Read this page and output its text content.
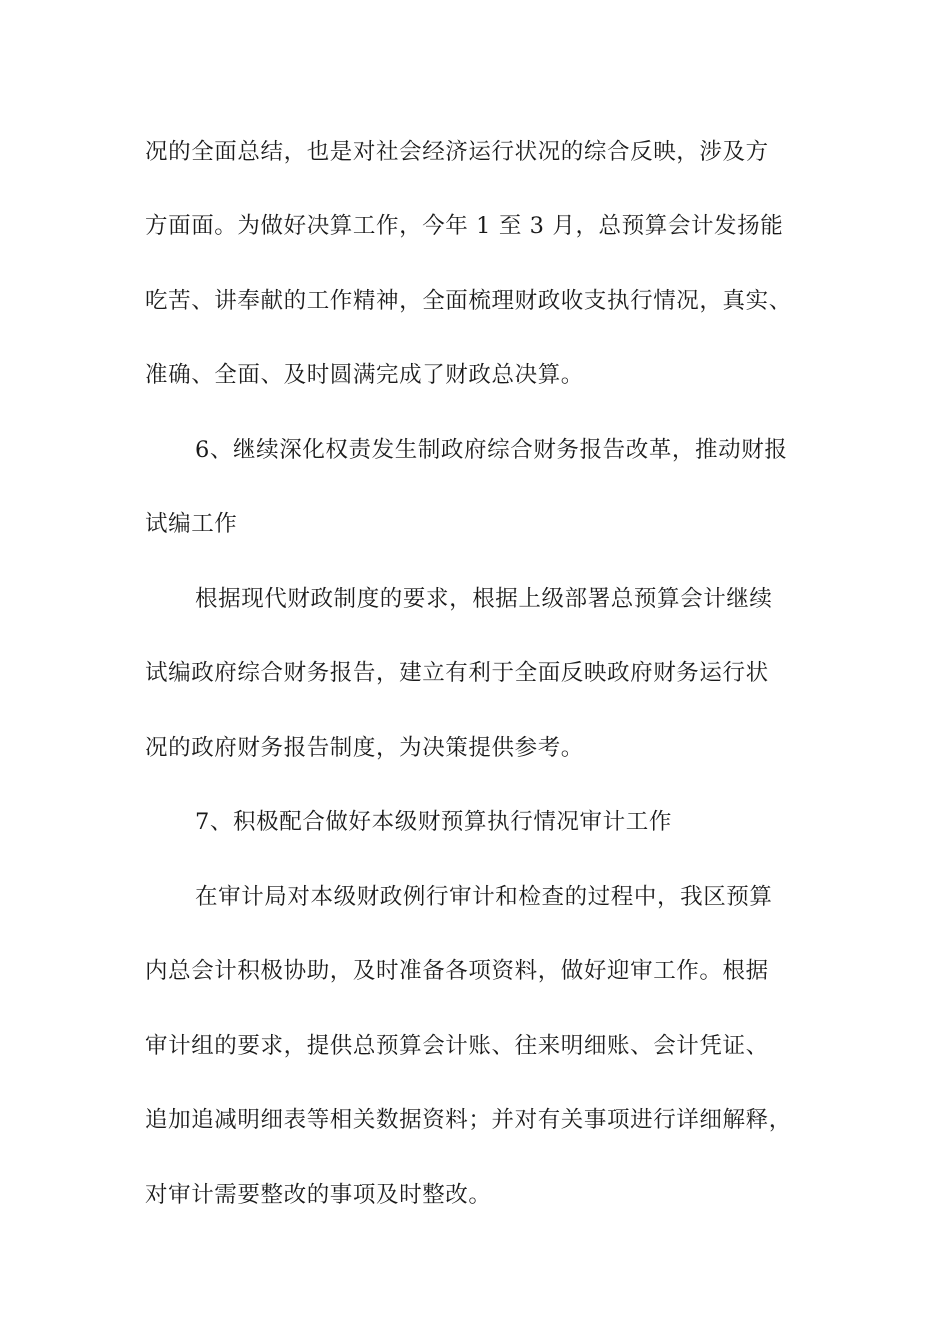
况的全面总结，也是对社会经济运行状况的综合反映，涉及方
方面面。为做好决算工作，今年 1 至 3 月，总预算会计发扬能
吃苦、讲奉献的工作精神，全面梳理财政收支执行情况，真实、
准确、全面、及时圆满完成了财政总决算。
6、继续深化权责发生制政府综合财务报告改革，推动财报
试编工作
根据现代财政制度的要求，根据上级部署总预算会计继续
试编政府综合财务报告，建立有利于全面反映政府财务运行状
况的政府财务报告制度，为决策提供参考。
7、积极配合做好本级财预算执行情况审计工作
在审计局对本级财政例行审计和检查的过程中，我区预算
内总会计积极协助，及时准备各项资料，做好迎审工作。根据
审计组的要求，提供总预算会计账、往来明细账、会计凭证、
追加追减明细表等相关数据资料；并对有关事项进行详细解释，
对审计需要整改的事项及时整改。
